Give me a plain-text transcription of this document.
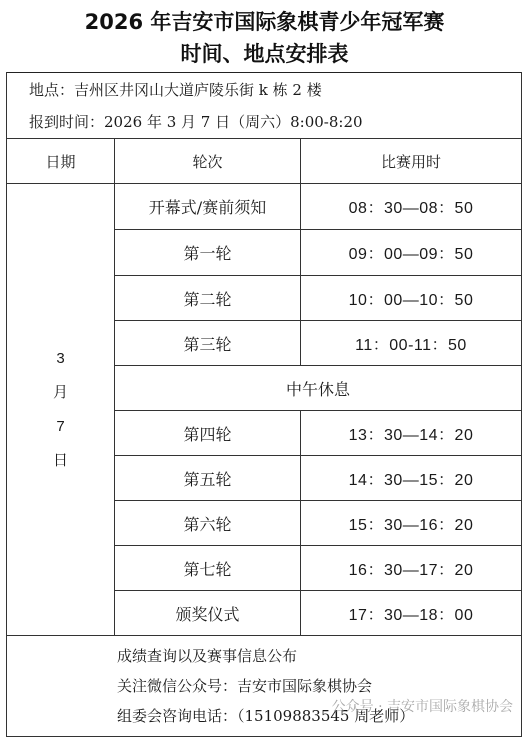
2026 年吉安市国际象棋青少年冠军赛
时间、地点安排表
地点：吉州区井冈山大道庐陵乐街 k 栋 2 楼		
报到时间：2026 年 3 月 7 日（周六）8:00-8:20		
日期	轮次	比赛用时

3
月
7
日	开幕式/赛前须知	08：30—08：50
	第一轮	09：00—09：50
	第二轮	10：00—10：50
	第三轮	11：00-11：50
	中午休息	
	第四轮	13：30—14：20
	第五轮	14：30—15：20
	第六轮	15：30—16：20
	第七轮	16：30—17：20
	颁奖仪式	17：30—18：00

成绩查询以及赛事信息公布
关注微信公众号：吉安市国际象棋协会
组委会咨询电话：（15109883545 周老师）		
公众号 · 吉安市国际象棋协会
